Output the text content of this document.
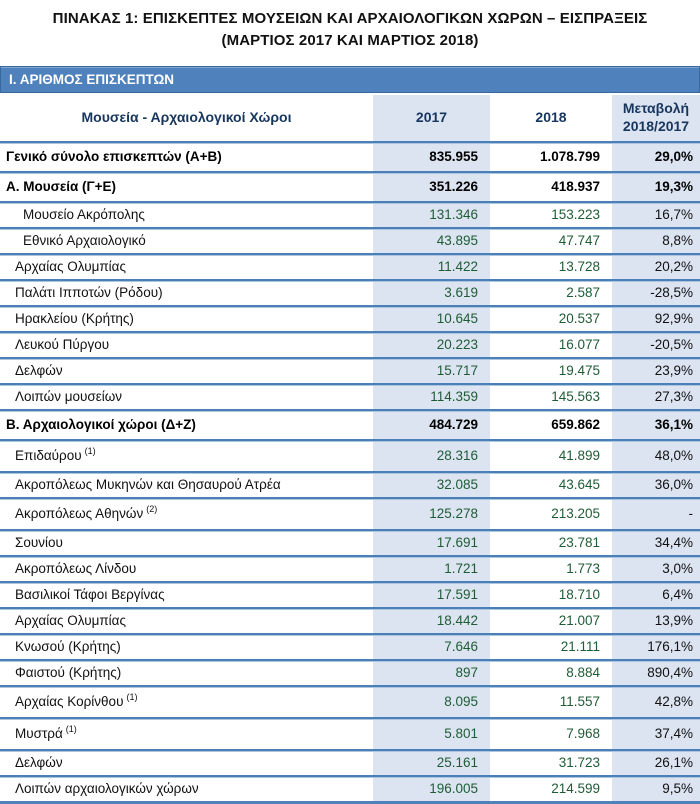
ΠΙΝΑΚΑΣ 1: ΕΠΙΣΚΕΠΤΕΣ ΜΟΥΣΕΙΩΝ ΚΑΙ ΑΡΧΑΙΟΛΟΓΙΚΩΝ ΧΩΡΩΝ – ΕΙΣΠΡΑΞΕΙΣ
(ΜΑΡΤΙΟΣ 2017 ΚΑΙ ΜΑΡΤΙΟΣ 2018)
Ι. ΑΡΙΘΜΟΣ ΕΠΙΣΚΕΠΤΩΝ
Μουσεία - Αρχαιολογικοί Χώροι	2017	2018	Μεταβολή
2018/2017

Γενικό σύνολο επισκεπτών (Α+Β)	835.955	1.078.799	29,0%
Α. Μουσεία (Γ+Ε)	351.226	418.937	19,3%
Μουσείο Ακρόπολης	131.346	153.223	16,7%
Εθνικό Αρχαιολογικό	43.895	47.747	8,8%
Αρχαίας Ολυμπίας	11.422	13.728	20,2%
Παλάτι Ιπποτών (Ρόδου)	3.619	2.587	-28,5%
Ηρακλείου (Κρήτης)	10.645	20.537	92,9%
Λευκού Πύργου	20.223	16.077	-20,5%
Δελφών	15.717	19.475	23,9%
Λοιπών μουσείων	114.359	145.563	27,3%
Β. Αρχαιολογικοί χώροι (Δ+Ζ)	484.729	659.862	36,1%
Επιδαύρου $^{(1)}$	28.316	41.899	48,0%
Ακροπόλεως Μυκηνών και Θησαυρού Ατρέα	32.085	43.645	36,0%
Ακροπόλεως Αθηνών $^{(2)}$	125.278	213.205	-
Σουνίου	17.691	23.781	34,4%
Ακροπόλεως Λίνδου	1.721	1.773	3,0%
Βασιλικοί Τάφοι Βεργίνας	17.591	18.710	6,4%
Αρχαίας Ολυμπίας	18.442	21.007	13,9%
Κνωσού (Κρήτης)	7.646	21.111	176,1%
Φαιστού (Κρήτης)	897	8.884	890,4%
Αρχαίας Κορίνθου $^{(1)}$	8.095	11.557	42,8%
Μυστρά $^{(1)}$	5.801	7.968	37,4%
Δελφών	25.161	31.723	26,1%
Λοιπών αρχαιολογικών χώρων	196.005	214.599	9,5%
